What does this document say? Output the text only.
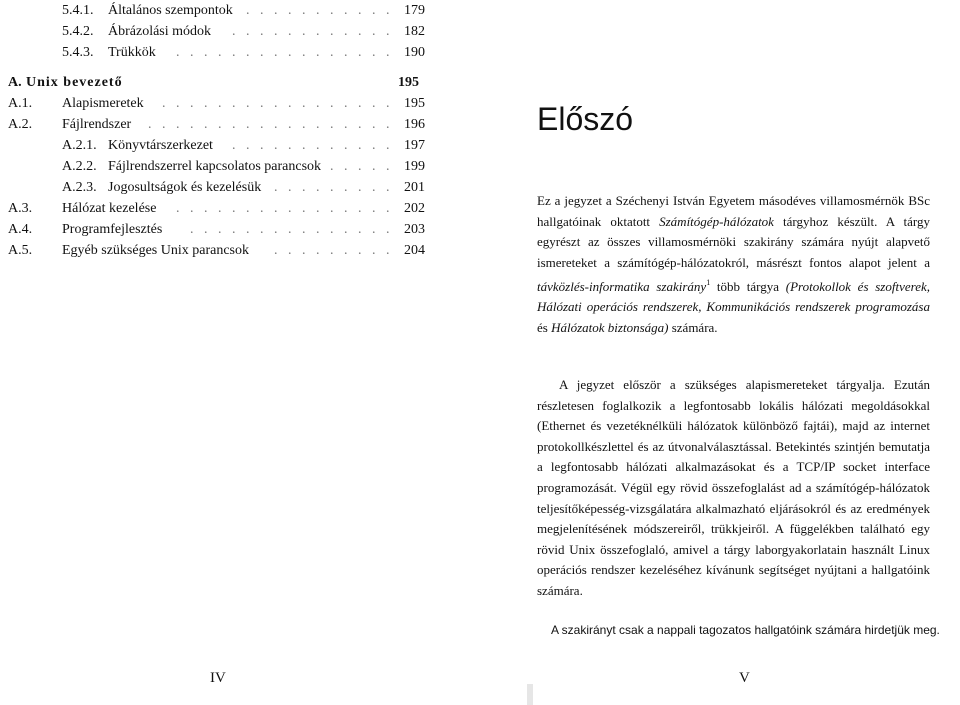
5.4.1. Általános szempontok .   .   .   .   .   .   .   .   .   .   . 179
5.4.2. Ábrázolási módok	.   .   .   .   .   .   .   .   .   .   .   . 182
5.4.3. Trükkök	.   .   .   .   .   .   .   .   .   .   .   .   .   .   .   . 190
A. Unix bevezető	195
A.1. Alapismeretek	.   .   .   .   .   .   .   .   .   .   .   .   .   .   .   .   . 195
A.2. Fájlrendszer	.   .   .   .   .   .   .   .   .   .   .   .   .   .   .   .   .   . 196
A.2.1. Könyvtárszerkezet	.   .   .   .   .   .   .   .   .   .   .   . 197
A.2.2. Fájlrendszerrel kapcsolatos parancsok .   .   .   .   . 199
A.2.3. Jogosultságok és kezelésük .   .   .   .   .   .   .   .   . 201
A.3. Hálózat kezelése	.   .   .   .   .   .   .   .   .   .   .   .   .   .   .   . 202
A.4. Programfejlesztés	.   .   .   .   .   .   .   .   .   .   .   .   .   .   . 203
A.5. Egyéb szükséges Unix parancsok	.   .   .   .   .   .   .   .   . 204
IV	V
Előszó
Ez a jegyzet a Széchenyi István Egyetem másodéves villamosmérnök BSc hallgatóinak oktatott Számítógép-hálózatok tárgyhoz készült. A tárgy egyrészt az összes villamosmérnöki szakirány számára nyújt alapvető ismereteket a számítógép-hálózatokról, másrészt fontos alapot jelent a távközlés-informatika szakirány$^1$ több tárgya (Protokollok és szoftverek, Hálózati operációs rendszerek, Kommunikációs rendszerek programozása és Hálózatok biztonsága) számára.
A jegyzet először a szükséges alapismereteket tárgyalja. Ezután részletesen foglalkozik a legfontosabb lokális hálózati megoldásokkal (Ethernet és vezetéknélküli hálózatok különböző fajtái), majd az internet protokollkészlettel és az útvonalválasztással. Betekintés szintjén bemutatja a legfontosabb hálózati alkalmazásokat és a TCP/IP socket interface programozását. Végül egy rövid összefoglalást ad a számítógép-hálózatok teljesítőképesség-vizsgálatára alkalmazható eljárásokról és az eredmények megjelenítésének módszereiről, trükkjeiről. A függelékben található egy rövid Unix összefoglaló, amivel a tárgy laborgyakorlatain használt Linux operációs rendszer kezeléséhez kívánunk segítséget nyújtani a hallgatóink számára.
A szakirányt csak a nappali tagozatos hallgatóink számára hirdetjük meg.
